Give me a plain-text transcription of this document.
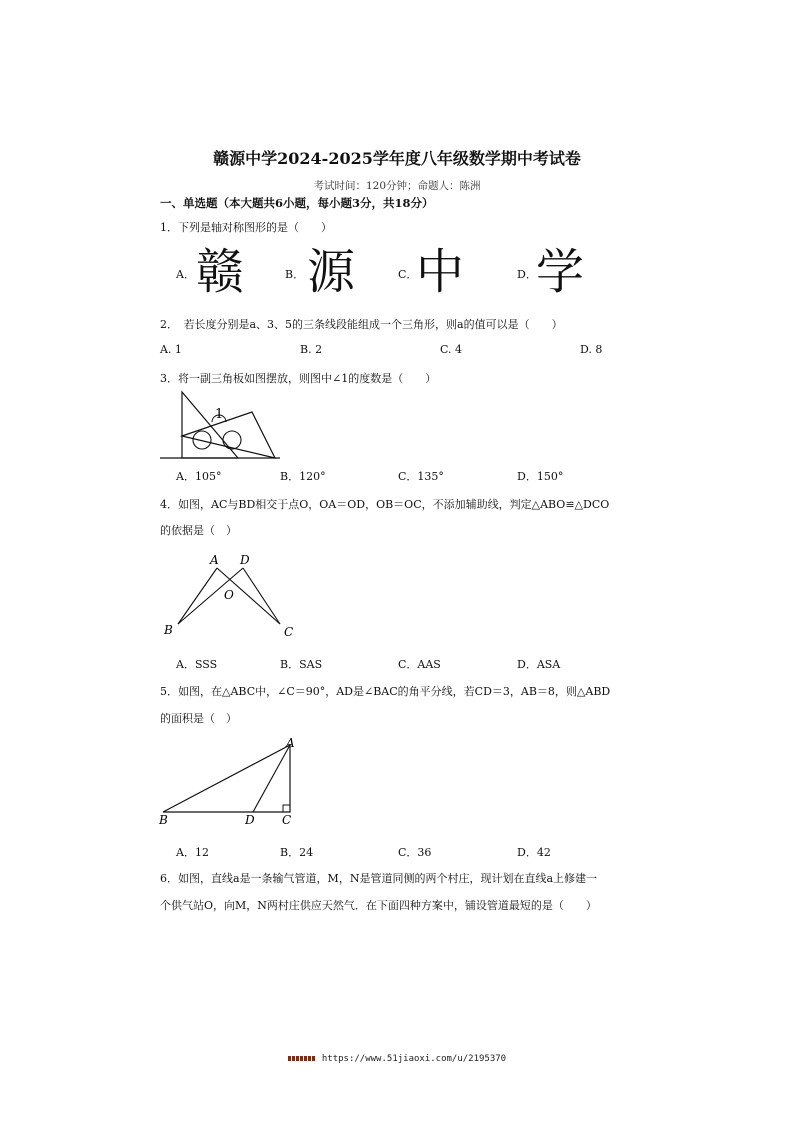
赣源中学2024-2025学年度八年级数学期中考试卷
考试时间：120分钟；命题人：陈洲
一、单选题（本大题共6小题，每小题3分，共18分）
1．下列是轴对称图形的是（　　）
A． 赣	B． 源	C．
中	D． 学
2．　若长度分别是a、3、5的三条线段能组成一个三角形，则a的值可以是（　　）
A. 1	B. 2	C. 4	D. 8
3．将一副三角板如图摆放，则图中∠1的度数是（　　）
1
A．105°	B．120°	C．135°	D．150°
4．如图，AC与BD相交于点O，OA＝OD，OB＝OC，不添加辅助线，判定△ABO≌△DCO
的依据是（　）
A D
O
B	C
A．SSS	B．SAS	C．AAS	D．ASA
5．如图，在△ABC中，∠C＝90°，AD是∠BAC的角平分线，若CD＝3，AB＝8，则△ABD
的面积是（　）
A
B	D C
A．12	B．24	C．36	D．42
6．如图，直线a是一条输气管道，M，N是管道同侧的两个村庄，现计划在直线a上修建一
个供气站O，向M，N两村庄供应天然气．在下面四种方案中，铺设管道最短的是（　　）
https://www.51jiaoxi.com/u/2195370
